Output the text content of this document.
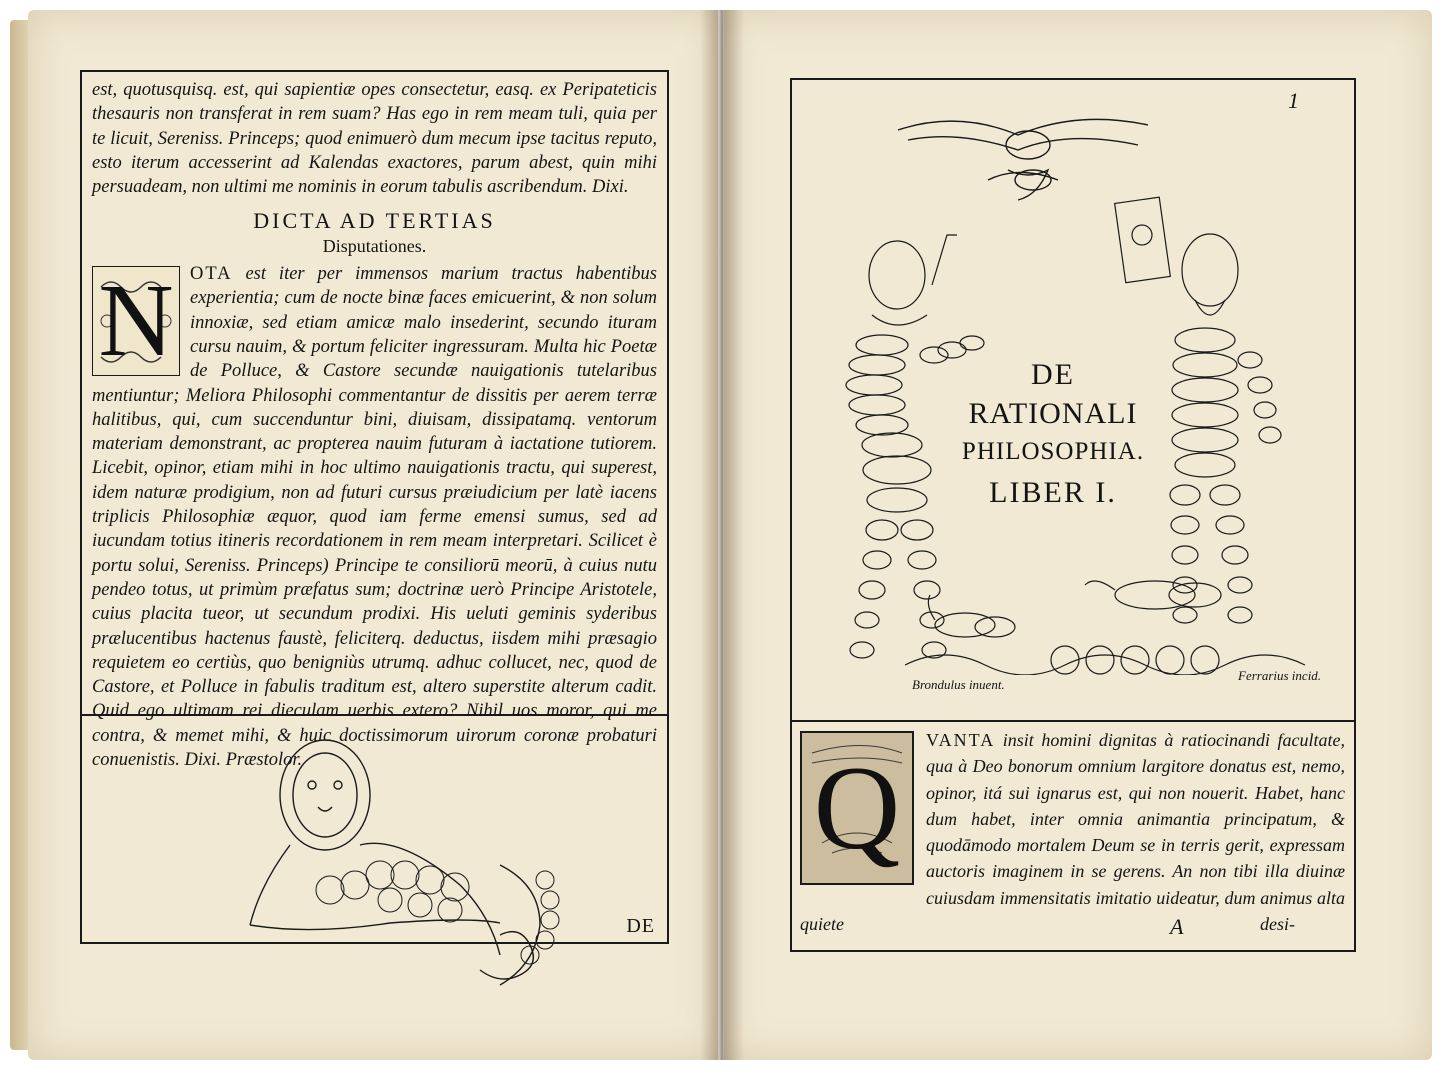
est, quotusquisq. est, qui sapientiæ opes consectetur, easq. ex Peripateticis thesauris non transferat in rem suam? Has ego in rem meam tuli, quia per te licuit, Sereniss. Princeps; quod enimuerò dum mecum ipse tacitus reputo, esto iterum accesserint ad Kalendas exactores, parum abest, quin mihi persuadeam, non ultimi me nominis in eorum tabulis ascribendum. Dixi.

DICTA AD TERTIAS
Disputationes.

N OTA est iter per immensos marium tractus habentibus experientia; cum de nocte binæ faces emicuerint, & non solum innoxiæ, sed etiam amicæ malo insederint, secundo ituram cursu nauim, & portum feliciter ingressuram. Multa hic Poetæ de Polluce, & Castore secundæ nauigationis tutelaribus mentiuntur; Meliora Philosophi commentantur de dissitis per aerem terræ halitibus, qui, cum succenduntur bini, diuisam, dissipatamq. ventorum materiam demonstrant, ac propterea nauim futuram à iactatione tutiorem. Licebit, opinor, etiam mihi in hoc ultimo nauigationis tractu, qui superest, idem naturæ prodigium, non ad futuri cursus præiudicium per latè iacens triplicis Philosophiæ æquor, quod iam ferme emensi sumus, sed ad iucundam totius itineris recordationem in rem meam interpretari. Scilicet è portu solui, Sereniss. Princeps) Principe te consiliorū meorū, à cuius nutu pendeo totus, ut primùm præfatus sum; doctrinæ uerò Principe Aristotele, cuius placita tueor, ut secundum prodixi. His ueluti geminis syderibus prælucentibus hactenus faustè, feliciterq. deductus, iisdem mihi præsagio requietem eo certiùs, quo benigniùs utrumq. adhuc collucet, nec, quod de Castore, et Polluce in fabulis traditum est, altero superstite alterum cadit. Quid ego ultimam rei dieculam uerbis extero? Nihil uos moror, qui me contra, & memet mihi, & huic doctissimorum uirorum coronæ probaturi conuenistis. Dixi. Præstolor.

DE
1
DE
RATIONALI
PHILOSOPHIA.
LIBER I.
Brondulus inuent.
Ferrarius incid.
Q
VANTA insit homini dignitas à ratiocinandi facultate, qua à Deo bonorum omnium largitore donatus est, nemo, opinor, itá sui ignarus est, qui non nouerit. Habet, hanc dum habet, inter omnia animantia principatum, & quodāmodo mortalem Deum se in terris gerit, expressam auctoris imaginem in se gerens. An non tibi illa diuinæ cuiusdam immensitatis imitatio uideatur, dum animus alta quiete	A	desi-
